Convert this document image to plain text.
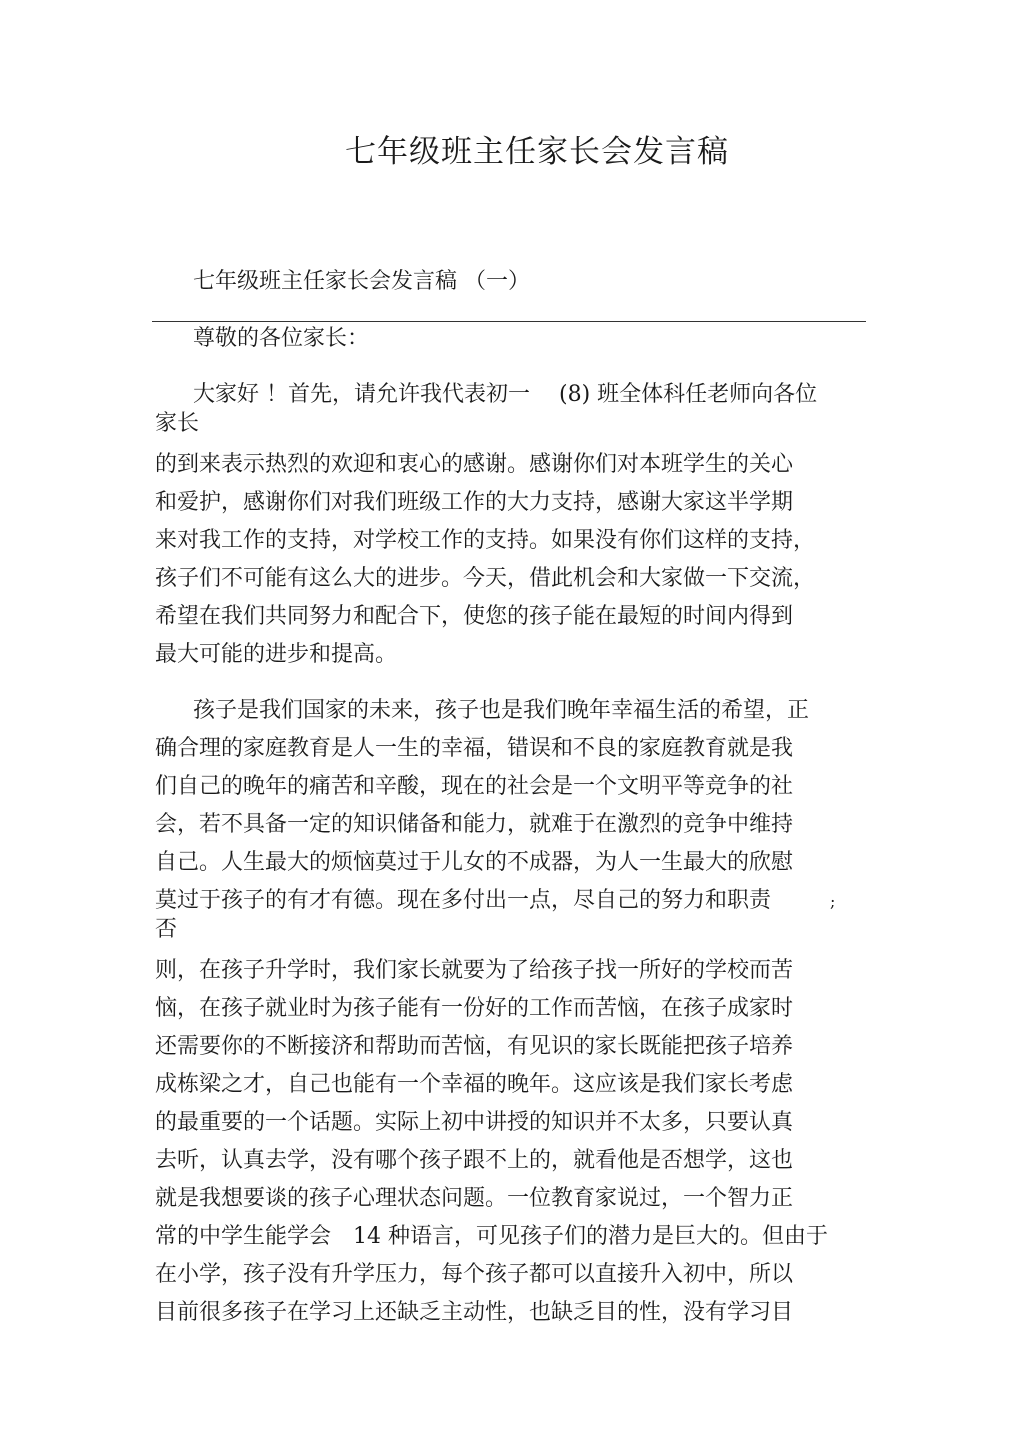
七年级班主任家长会发言稿
七年级班主任家长会发言稿 （一）
尊敬的各位家长：
大家好 ！首先，请允许我代表初一　 (8) 班全体科任老师向各位
家长
的到来表示热烈的欢迎和衷心的感谢。感谢你们对本班学生的关心
和爱护，感谢你们对我们班级工作的大力支持，感谢大家这半学期
来对我工作的支持，对学校工作的支持。如果没有你们这样的支持，
孩子们不可能有这么大的进步。今天，借此机会和大家做一下交流，
希望在我们共同努力和配合下，使您的孩子能在最短的时间内得到
最大可能的进步和提高。
孩子是我们国家的未来，孩子也是我们晚年幸福生活的希望，正
确合理的家庭教育是人一生的幸福，错误和不良的家庭教育就是我
们自己的晚年的痛苦和辛酸，现在的社会是一个文明平等竞争的社
会，若不具备一定的知识储备和能力，就难于在激烈的竞争中维持
自己。人生最大的烦恼莫过于儿女的不成器，为人一生最大的欣慰
莫过于孩子的有才有德。现在多付出一点，尽自己的努力和职责	;
否
则，在孩子升学时，我们家长就要为了给孩子找一所好的学校而苦
恼，在孩子就业时为孩子能有一份好的工作而苦恼，在孩子成家时
还需要你的不断接济和帮助而苦恼，有见识的家长既能把孩子培养
成栋梁之才，自己也能有一个幸福的晚年。这应该是我们家长考虑
的最重要的一个话题。实际上初中讲授的知识并不太多，只要认真
去听，认真去学，没有哪个孩子跟不上的，就看他是否想学，这也
就是我想要谈的孩子心理状态问题。一位教育家说过，一个智力正
常的中学生能学会　14 种语言，可见孩子们的潜力是巨大的。但由于
在小学，孩子没有升学压力，每个孩子都可以直接升入初中，所以
目前很多孩子在学习上还缺乏主动性，也缺乏目的性，没有学习目
